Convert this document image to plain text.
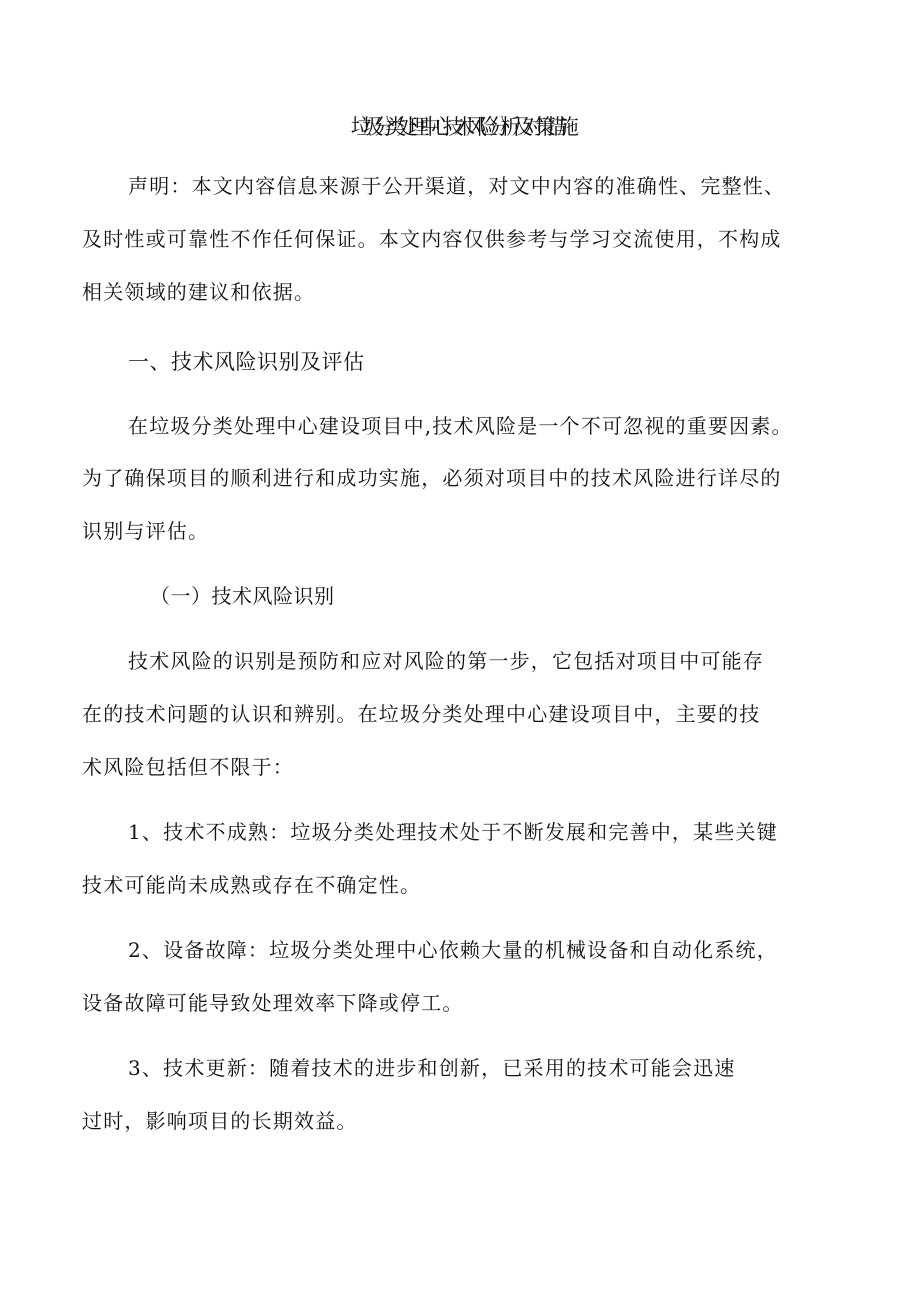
垃圾分类处理中心技术风险分析及对策措施
声明：本文内容信息来源于公开渠道，对文中内容的准确性、完整性、
及时性或可靠性不作任何保证。本文内容仅供参考与学习交流使用，不构成
相关领域的建议和依据。
一、技术风险识别及评估
在垃圾分类处理中心建设项目中,技术风险是一个不可忽视的重要因素。
为了确保项目的顺利进行和成功实施，必须对项目中的技术风险进行详尽的
识别与评估。
（一）技术风险识别
技术风险的识别是预防和应对风险的第一步，它包括对项目中可能存
在的技术问题的认识和辨别。在垃圾分类处理中心建设项目中，主要的技
术风险包括但不限于：
1、技术不成熟：垃圾分类处理技术处于不断发展和完善中，某些关键
技术可能尚未成熟或存在不确定性。
2、设备故障：垃圾分类处理中心依赖大量的机械设备和自动化系统，
设备故障可能导致处理效率下降或停工。
3、技术更新：随着技术的进步和创新，已采用的技术可能会迅速
过时，影响项目的长期效益。
